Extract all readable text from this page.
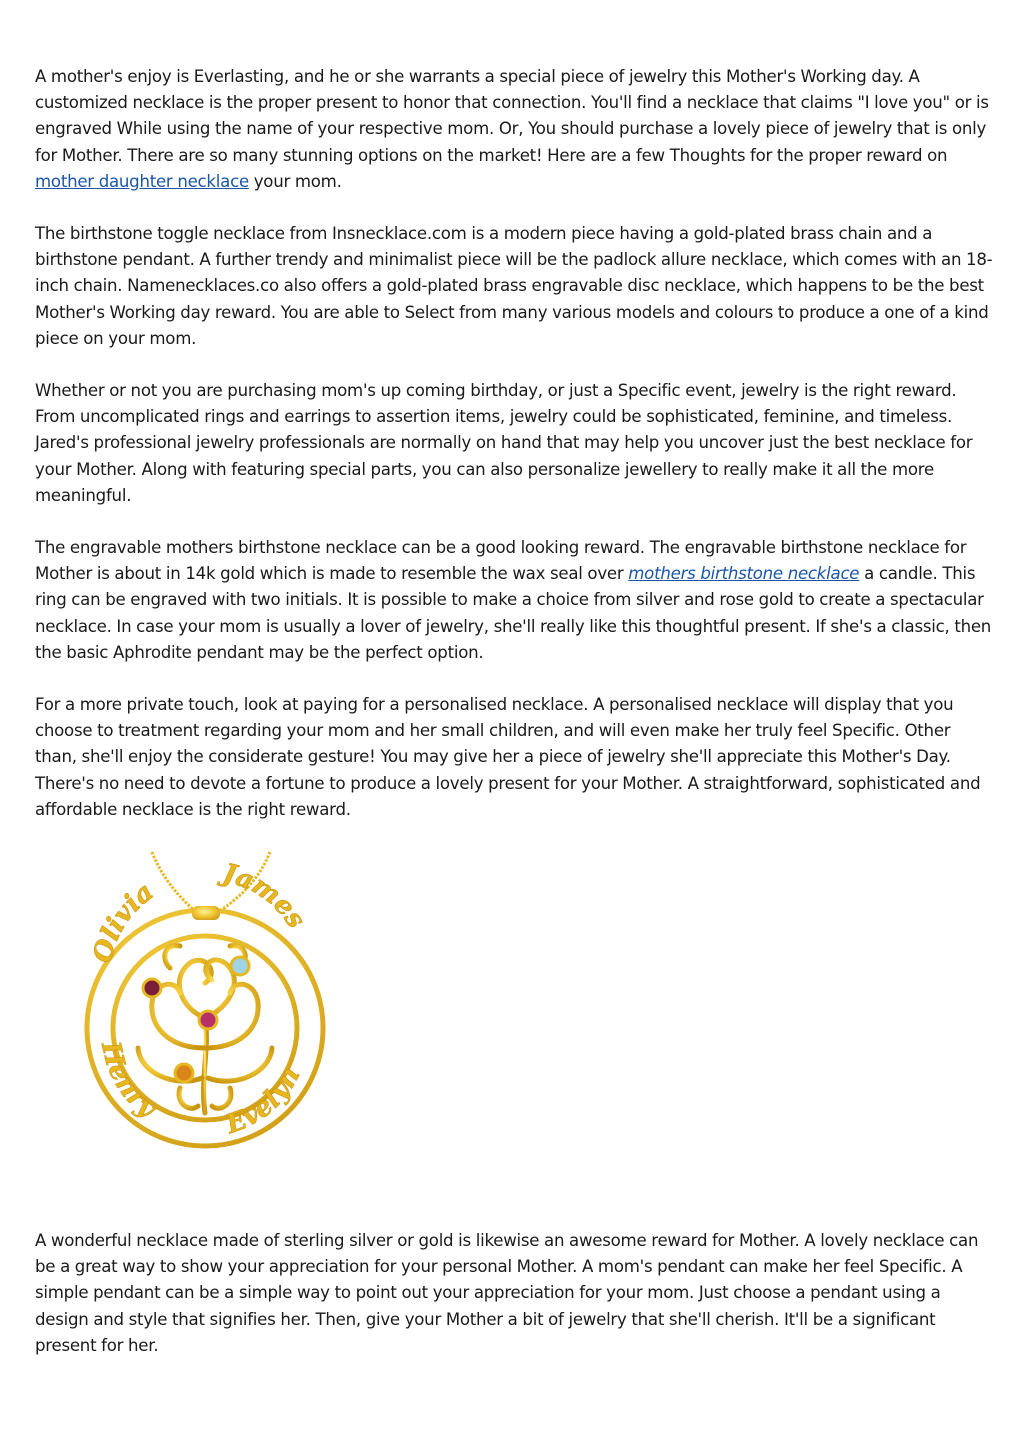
A mother's enjoy is Everlasting, and he or she warrants a special piece of jewelry this Mother's Working day. A customized necklace is the proper present to honor that connection. You'll find a necklace that claims "I love you" or is engraved While using the name of your respective mom. Or, You should purchase a lovely piece of jewelry that is only for Mother. There are so many stunning options on the market! Here are a few Thoughts for the proper reward on mother daughter necklace your mom.

The birthstone toggle necklace from Insnecklace.com is a modern piece having a gold-plated brass chain and a birthstone pendant. A further trendy and minimalist piece will be the padlock allure necklace, which comes with an 18-inch chain. Namenecklaces.co also offers a gold-plated brass engravable disc necklace, which happens to be the best Mother's Working day reward. You are able to Select from many various models and colours to produce a one of a kind piece on your mom.

Whether or not you are purchasing mom's up coming birthday, or just a Specific event, jewelry is the right reward. From uncomplicated rings and earrings to assertion items, jewelry could be sophisticated, feminine, and timeless. Jared's professional jewelry professionals are normally on hand that may help you uncover just the best necklace for your Mother. Along with featuring special parts, you can also personalize jewellery to really make it all the more meaningful.

The engravable mothers birthstone necklace can be a good looking reward. The engravable birthstone necklace for Mother is about in 14k gold which is made to resemble the wax seal over mothers birthstone necklace a candle. This ring can be engraved with two initials. It is possible to make a choice from silver and rose gold to create a spectacular necklace. In case your mom is usually a lover of jewelry, she'll really like this thoughtful present. If she's a classic, then the basic Aphrodite pendant may be the perfect option.

For a more private touch, look at paying for a personalised necklace. A personalised necklace will display that you choose to treatment regarding your mom and her small children, and will even make her truly feel Specific. Other than, she'll enjoy the considerate gesture! You may give her a piece of jewelry she'll appreciate this Mother's Day. There's no need to devote a fortune to produce a lovely present for your Mother. A straightforward, sophisticated and affordable necklace is the right reward.

Olivia
James
Henry Evelyn

A wonderful necklace made of sterling silver or gold is likewise an awesome reward for Mother. A lovely necklace can be a great way to show your appreciation for your personal Mother. A mom's pendant can make her feel Specific. A simple pendant can be a simple way to point out your appreciation for your mom. Just choose a pendant using a design and style that signifies her. Then, give your Mother a bit of jewelry that she'll cherish. It'll be a significant present for her.
